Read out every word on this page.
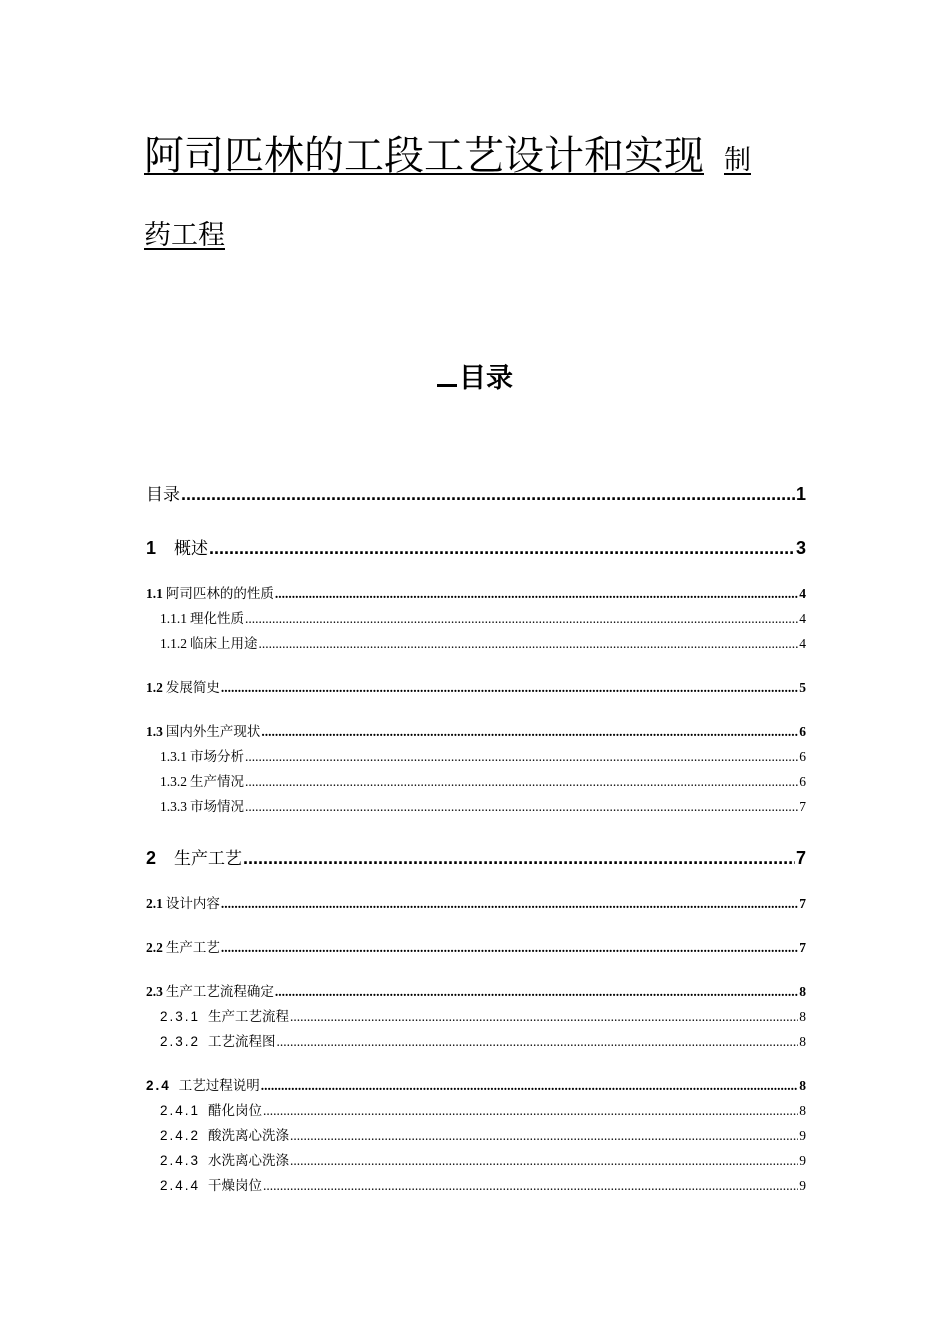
阿司匹林的工段工艺设计和实现 制
药工程
目录
目录 .....	1
1 概述 .....	3
1.1 阿司匹林的的性质 .....	4
1.1.1 理化性质 .....	4
1.1.2 临床上用途 .....	4
1.2 发展简史 .....	5
1.3 国内外生产现状 .....	6
1.3.1 市场分析 .....	6
1.3.2 生产情况 .....	6
1.3.3 市场情况 .....	7
2 生产工艺 .....	7
2.1 设计内容 .....	7
2.2 生产工艺 .....	7
2.3 生产工艺流程确定 .....	8
2.3.1 生产工艺流程 .....	8
2.3.2 工艺流程图 .....	8
2.4 工艺过程说明 .....	8
2.4.1 醋化岗位 .....	8
2.4.2 酸洗离心洗涤 .....	9
2.4.3 水洗离心洗涤 .....	9
2.4.4 干燥岗位 .....	9
